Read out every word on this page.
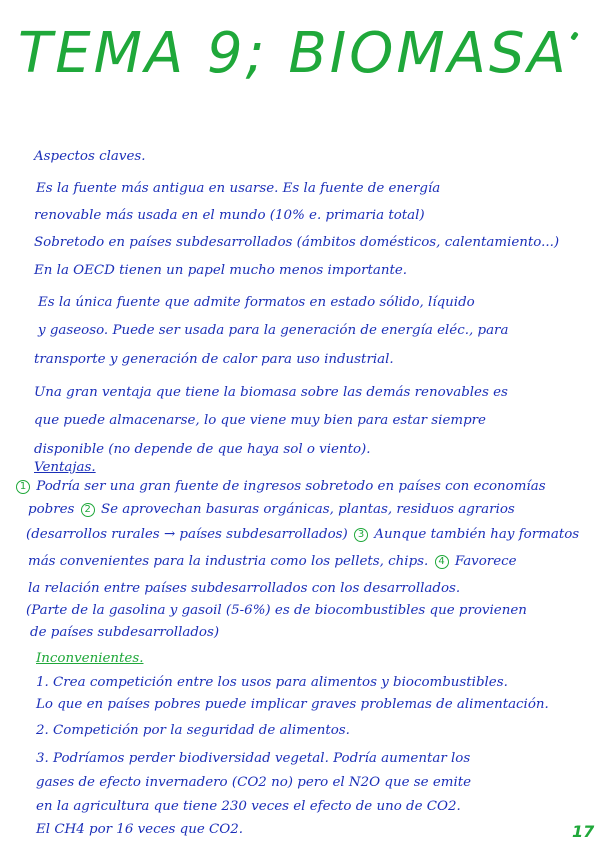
TEMA 9; BIOMASA
Aspectos claves.
Es la fuente más antigua en usarse. Es la fuente de energía
renovable más usada en el mundo (10% e. primaria total)
Sobretodo en países subdesarrollados (ámbitos domésticos, calentamiento...)
En la OECD tienen un papel mucho menos importante.
Es la única fuente que admite formatos en estado sólido, líquido
y gaseoso. Puede ser usada para la generación de energía eléc., para
transporte y generación de calor para uso industrial.
Una gran ventaja que tiene la biomasa sobre las demás renovables es
que puede almacenarse, lo que viene muy bien para estar siempre
disponible (no depende de que haya sol o viento).
Ventajas.
1 Podría ser una gran fuente de ingresos sobretodo en países con economías
pobres 2 Se aprovechan basuras orgánicas, plantas, residuos agrarios
(desarrollos rurales → países subdesarrollados) 3 Aunque también hay formatos
más convenientes para la industria como los pellets, chips. 4 Favorece
la relación entre países subdesarrollados con los desarrollados.
(Parte de la gasolina y gasoil (5-6%) es de biocombustibles que provienen
de países subdesarrollados)
Inconvenientes.
1. Crea competición entre los usos para alimentos y biocombustibles.
Lo que en países pobres puede implicar graves problemas de alimentación.
2. Competición por la seguridad de alimentos.
3. Podríamos perder biodiversidad vegetal. Podría aumentar los
gases de efecto invernadero (CO2 no) pero el N2O que se emite
en la agricultura que tiene 230 veces el efecto de uno de CO2.
El CH4 por 16 veces que CO2.	17
